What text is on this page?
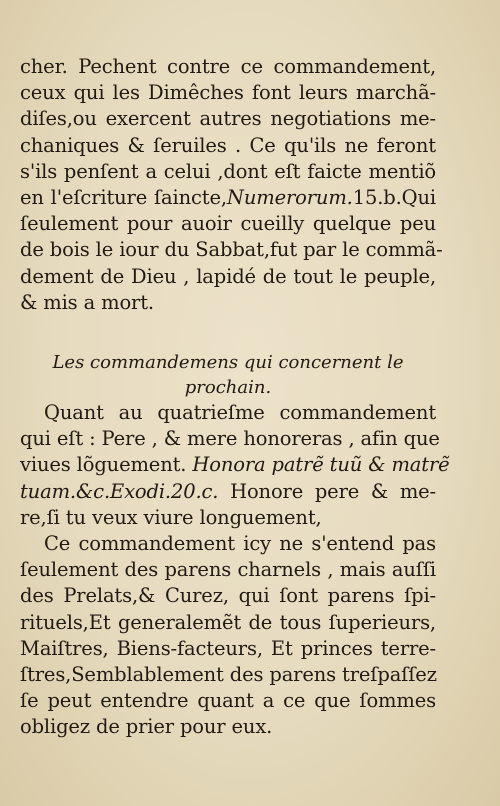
cher. Pechent contre ce commandement,
ceux qui les Dimêches font leurs marchã-
diſes,ou exercent autres negotiations me-
chaniques & ſeruiles . Ce qu'ils ne feront
s'ils penſent a celui ,dont eſt faicte mentiõ
en l'eſcriture ſaincte,Numerorum.15.b.Qui
ſeulement pour auoir cueilly quelque peu
de bois le iour du Sabbat,fut par le commã-
dement de Dieu , lapidé de tout le peuple,
& mis a mort.
Les commandemens qui concernent le
prochain.
Quant au quatrieſme commandement
qui eſt : Pere , & mere honoreras , afin que
viues lõguement. Honora patrẽ tuũ & matrẽ
tuam.&c.Exodi.20.c. Honore pere & me-
re,ſi tu veux viure longuement,
Ce commandement icy ne s'entend pas
ſeulement des parens charnels , mais auſſi
des Prelats,& Curez, qui ſont parens ſpi-
rituels,Et generalemẽt de tous ſuperieurs,
Maiſtres, Biens-facteurs, Et princes terre-
ſtres,Semblablement des parens treſpaſſez
ſe peut entendre quant a ce que ſommes
obligez de prier pour eux.
